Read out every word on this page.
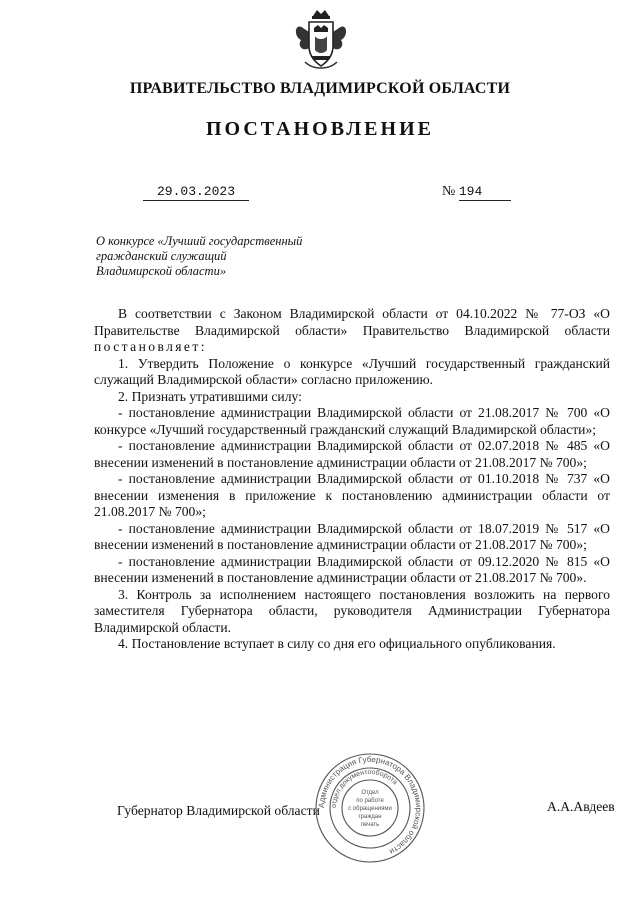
ПРАВИТЕЛЬСТВО ВЛАДИМИРСКОЙ ОБЛАСТИ
ПОСТАНОВЛЕНИЕ
29.03.2023	№ 194
О конкурсе «Лучший государственный
гражданский служащий
Владимирской области»

В соответствии с Законом Владимирской области от 04.10.2022 № 77-ОЗ «О Правительстве Владимирской области» Правительство Владимирской области постановляет:

1. Утвердить Положение о конкурсе «Лучший государственный гражданский служащий Владимирской области» согласно приложению.

2. Признать утратившими силу:

- постановление администрации Владимирской области от 21.08.2017 № 700 «О конкурсе «Лучший государственный гражданский служащий Владимирской области»;

- постановление администрации Владимирской области от 02.07.2018 № 485 «О внесении изменений в постановление администрации области от 21.08.2017 № 700»;

- постановление администрации Владимирской области от 01.10.2018 № 737 «О внесении изменения в приложение к постановлению администрации области от 21.08.2017 № 700»;

- постановление администрации Владимирской области от 18.07.2019 № 517 «О внесении изменений в постановление администрации области от 21.08.2017 № 700»;

- постановление администрации Владимирской области от 09.12.2020 № 815 «О внесении изменений в постановление администрации области от 21.08.2017 № 700».

3. Контроль за исполнением настоящего постановления возложить на первого заместителя Губернатора области, руководителя Администрации Губернатора Владимирской области.

4. Постановление вступает в силу со дня его официального опубликования.

Губернатор Владимирской области	А.А.Авдеев
Администрация Губернатора Владимирской области
отдел документооборота
Отдел
по работе
с обращениями
граждан
печать
